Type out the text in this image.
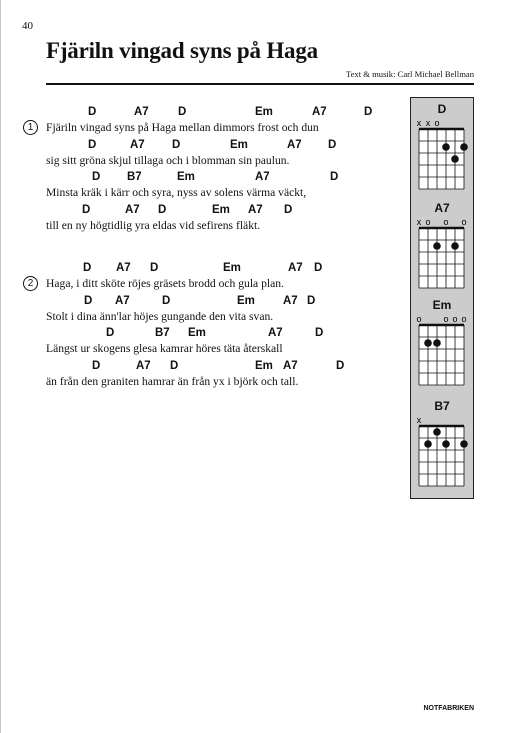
40
Fjäriln vingad syns på Haga
Text & musik: Carl Michael Bellman
1
D	A7	D	Em	A7	D
Fjäriln vingad syns på Haga mellan dimmors frost och dun
D	A7 D	Em	A7 D
sig sitt gröna skjul tillaga och i blomman sin paulun.
D B7	Em	A7	D
Minsta kräk i kärr och syra, nyss av solens värma väckt,
D	A7 D	Em A7 D
till en ny högtidlig yra eldas vid sefirens fläkt.
2
D A7 D	Em	A7 D
Haga, i ditt sköte röjes gräsets brodd och gula plan.
D A7	D	Em A7 D
Stolt i dina änn'lar höjes gungande den vita svan.
D	B7 Em	A7	D
Längst ur skogens glesa kamrar höres täta återskall
D	A7 D	Em A7	D
än från den graniten hamrar än från yx i björk och tall.
D
x x o
A7
x o o o
Em
o o o o
B7
x
NOTFABRIKEN
